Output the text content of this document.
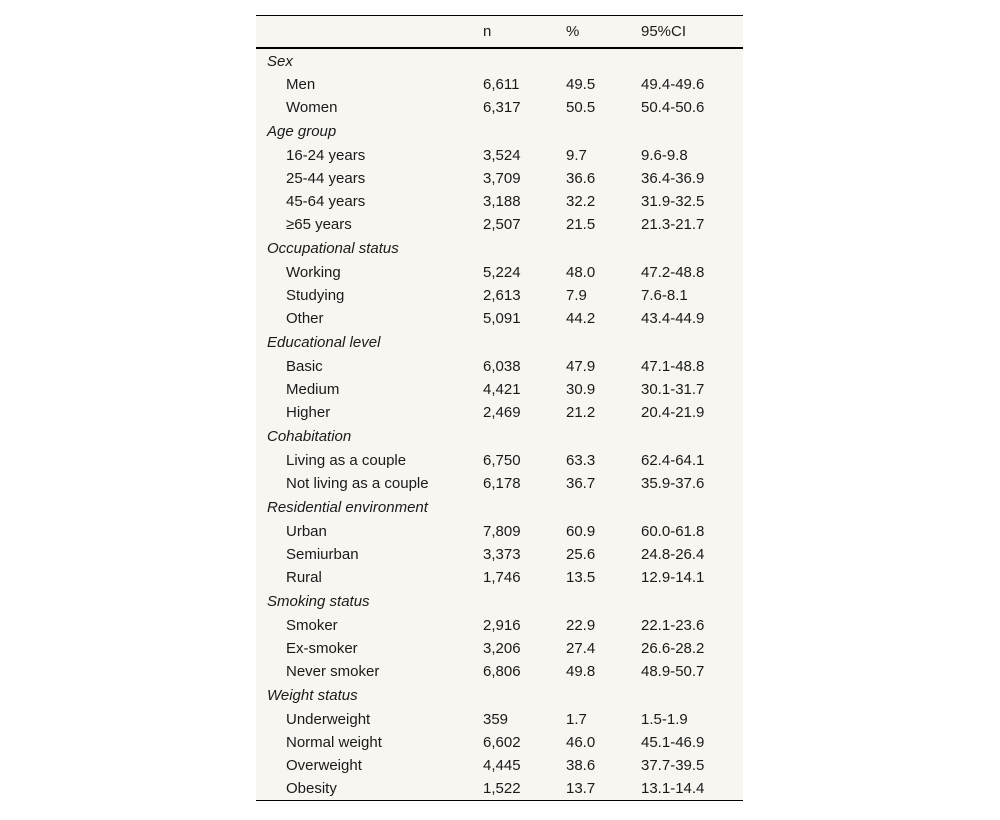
	n	%	95%CI
Sex			
Men	6,611	49.5	49.4-49.6
Women	6,317	50.5	50.4-50.6
Age group			
16-24 years	3,524	9.7	9.6-9.8
25-44 years	3,709	36.6	36.4-36.9
45-64 years	3,188	32.2	31.9-32.5
≥65 years	2,507	21.5	21.3-21.7
Occupational status			
Working	5,224	48.0	47.2-48.8
Studying	2,613	7.9	7.6-8.1
Other	5,091	44.2	43.4-44.9
Educational level			
Basic	6,038	47.9	47.1-48.8
Medium	4,421	30.9	30.1-31.7
Higher	2,469	21.2	20.4-21.9
Cohabitation			
Living as a couple	6,750	63.3	62.4-64.1
Not living as a couple	6,178	36.7	35.9-37.6
Residential environment			
Urban	7,809	60.9	60.0-61.8
Semiurban	3,373	25.6	24.8-26.4
Rural	1,746	13.5	12.9-14.1
Smoking status			
Smoker	2,916	22.9	22.1-23.6
Ex-smoker	3,206	27.4	26.6-28.2
Never smoker	6,806	49.8	48.9-50.7
Weight status			
Underweight	359	1.7	1.5-1.9
Normal weight	6,602	46.0	45.1-46.9
Overweight	4,445	38.6	37.7-39.5
Obesity	1,522	13.7	13.1-14.4
